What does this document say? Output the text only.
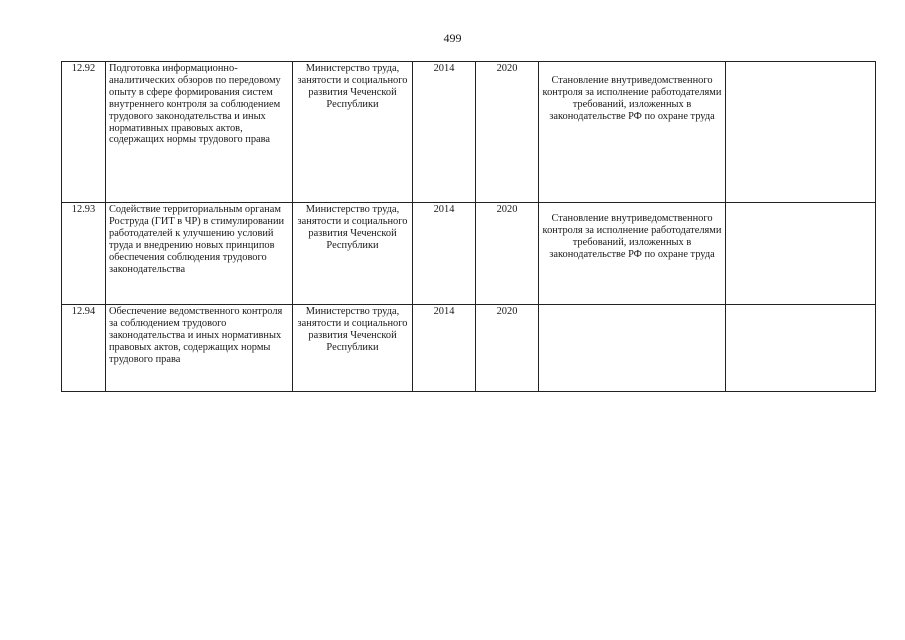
499
12.92	Подготовка информационно-аналитических обзоров по передовому опыту в сфере формирования систем внутреннего контроля за соблюдением трудового законодательства и иных нормативных правовых актов, содержащих нормы трудового права	Министерство труда, занятости и социального развития Чеченской Республики	2014	2020	Становление внутриведомственного контроля за исполнение работодателями требований, изложенных в законодательстве РФ по охране труда	
12.93	Содействие территориальным органам Роструда (ГИТ в ЧР) в стимулировании работодателей к улучшению условий труда и внедрению новых принципов обеспечения соблюдения трудового законодательства	Министерство труда, занятости и социального развития Чеченской Республики	2014	2020	Становление внутриведомственного контроля за исполнение работодателями требований, изложенных в законодательстве РФ по охране труда	
12.94	Обеспечение ведомственного контроля за соблюдением трудового законодательства и иных нормативных правовых актов, содержащих нормы трудового права	Министерство труда, занятости и социального развития Чеченской Республики	2014	2020		
